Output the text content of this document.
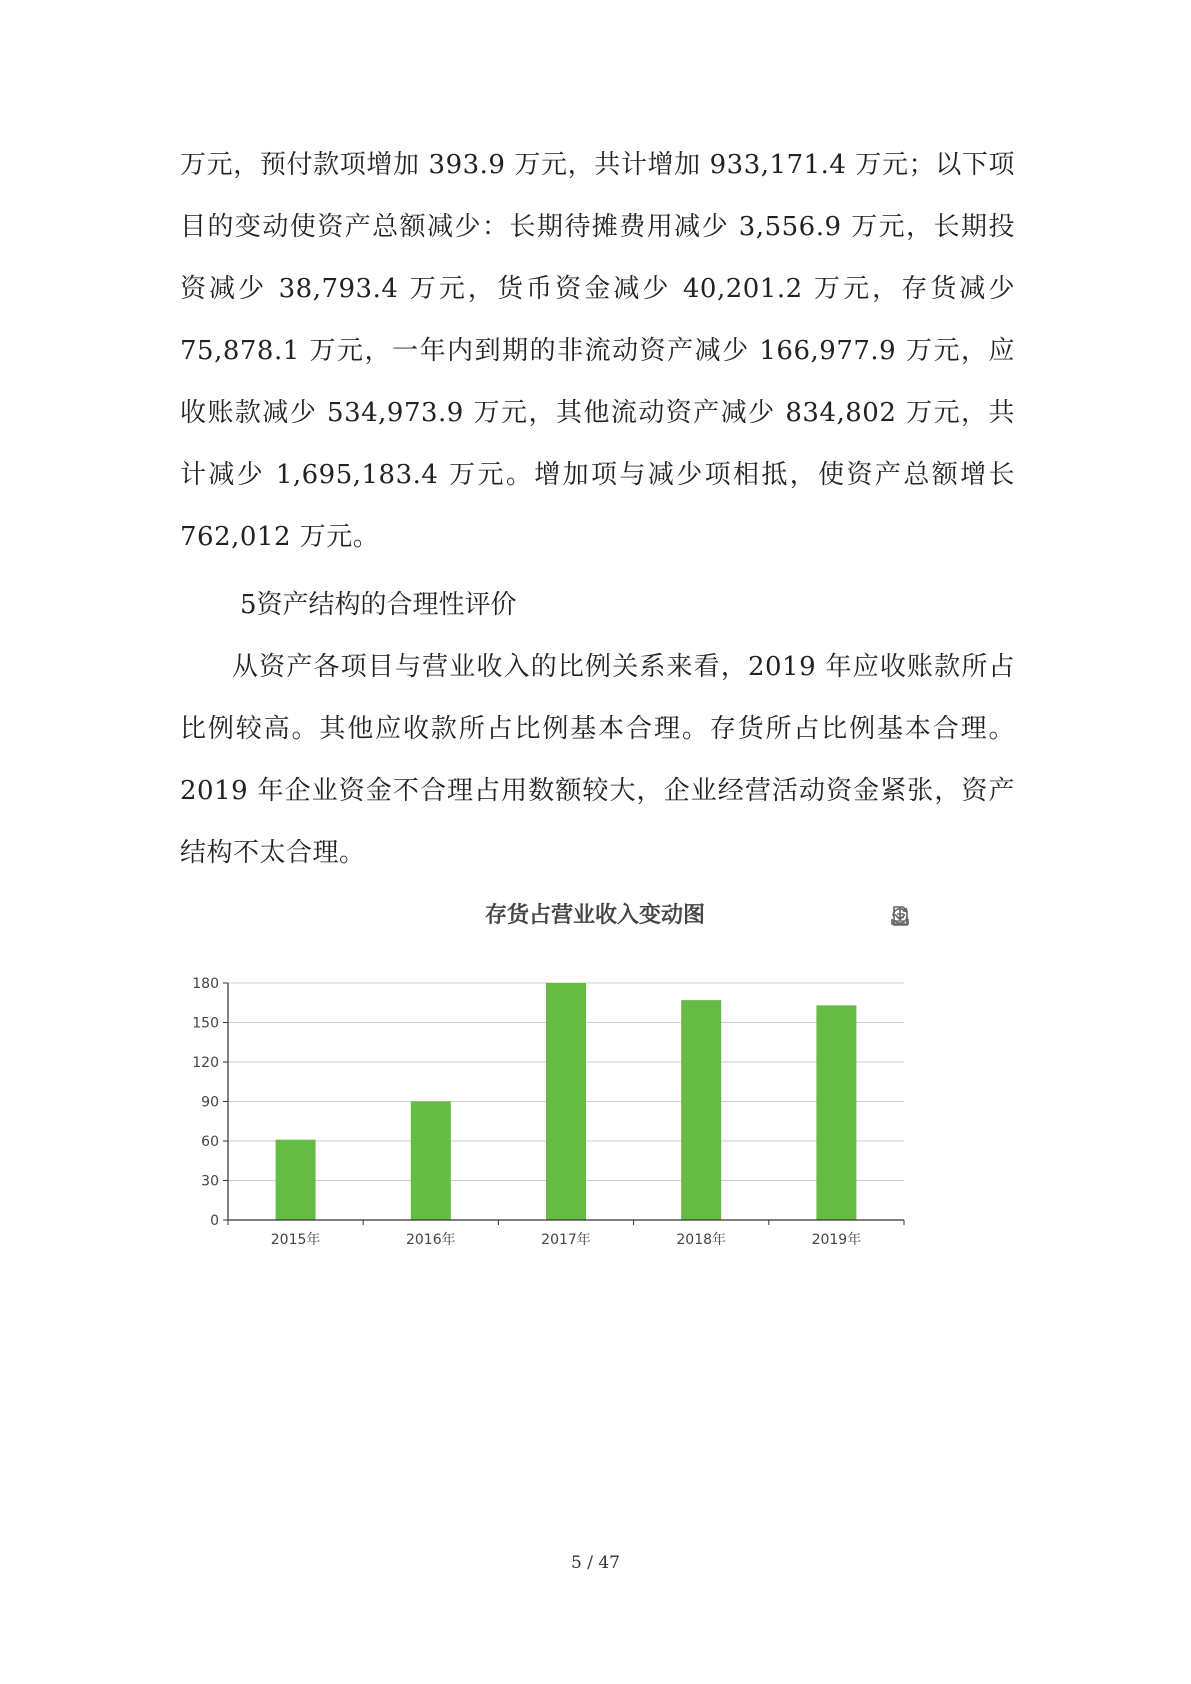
万元，预付款项增加 393.9 万元，共计增加 933,171.4 万元；以下项目的变动使资产总额减少：长期待摊费用减少 3,556.9 万元，长期投资减少 38,793.4 万元，货币资金减少 40,201.2 万元，存货减少 75,878.1 万元，一年内到期的非流动资产减少 166,977.9 万元，应收账款减少 534,973.9 万元，其他流动资产减少 834,802 万元，共计减少 1,695,183.4 万元。增加项与减少项相抵，使资产总额增长 762,012 万元。

5资产结构的合理性评价

从资产各项目与营业收入的比例关系来看，2019 年应收账款所占比例较高。其他应收款所占比例基本合理。存货所占比例基本合理。2019 年企业资金不合理占用数额较大，企业经营活动资金紧张，资产结构不太合理。

存货占营业收入变动图
0
30
60
90
120
150
180
2015年	2016年	2017年	2018年	2019年
5 / 47
